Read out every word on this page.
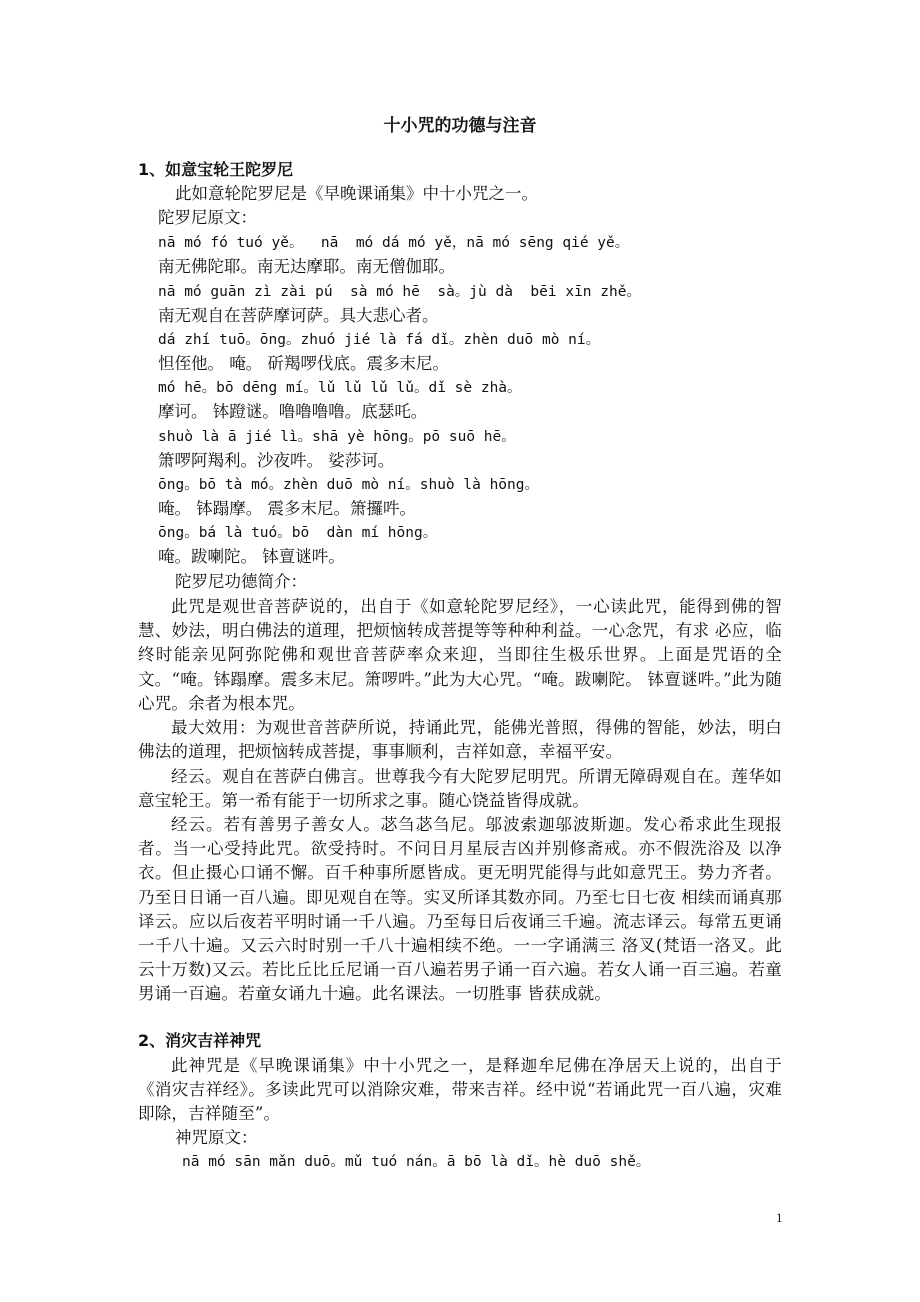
十小咒的功德与注音
1、如意宝轮王陀罗尼
此如意轮陀罗尼是《早晚课诵集》中十小咒之一。
陀罗尼原文：
nā mó fó tuó yě。  nā  mó dá mó yě，nā mó sēng qié yě。
南无佛陀耶。南无达摩耶。南无僧伽耶。
nā mó guān zì zài pú  sà mó hē  sà。jù dà  bēi xīn zhě。
南无观自在菩萨摩诃萨。具大悲心者。
dá zhí tuō。ōng。zhuó jié là fá dǐ。zhèn duō mò ní。
怛侄他。 唵。 斫羯啰伐底。震多末尼。
mó hē。bō dēng mí。lǔ lǔ lǔ lǔ。dǐ sè zhà。
摩诃。 钵蹬谜。噜噜噜噜。底瑟吒。
shuò là ā jié lì。shā yè hōng。pō suō hē。
箫啰阿羯利。沙夜吽。 娑莎诃。
ōng。bō tà mó。zhèn duō mò ní。shuò là hōng。
唵。 钵蹋摩。 震多末尼。箫攞吽。
ōng。bá là tuó。bō  dàn mí hōng。
唵。跋喇陀。 钵亶谜吽。
陀罗尼功德简介：
此咒是观世音菩萨说的，出自于《如意轮陀罗尼经》，一心读此咒，能得到佛的智慧、妙法，明白佛法的道理，把烦恼转成菩提等等种种利益。一心念咒，有求 必应，临终时能亲见阿弥陀佛和观世音菩萨率众来迎，当即往生极乐世界。上面是咒语的全文。“唵。钵蹋摩。震多末尼。箫啰吽。”此为大心咒。“唵。跋喇陀。 钵亶谜吽。”此为随心咒。余者为根本咒。
最大效用：为观世音菩萨所说，持诵此咒，能佛光普照，得佛的智能，妙法，明白佛法的道理，把烦恼转成菩提，事事顺利，吉祥如意，幸福平安。
经云。观自在菩萨白佛言。世尊我今有大陀罗尼明咒。所谓无障碍观自在。莲华如意宝轮王。第一希有能于一切所求之事。随心饶益皆得成就。
经云。若有善男子善女人。苾刍苾刍尼。邬波索迦邬波斯迦。发心希求此生现报者。当一心受持此咒。欲受持时。不问日月星辰吉凶并别修斋戒。亦不假洗浴及 以净衣。但止摄心口诵不懈。百千种事所愿皆成。更无明咒能得与此如意咒王。势力齐者。乃至日日诵一百八遍。即见观自在等。实叉所译其数亦同。乃至七日七夜 相续而诵真那译云。应以后夜若平明时诵一千八遍。乃至每日后夜诵三千遍。流志译云。每常五更诵一千八十遍。又云六时时别一千八十遍相续不绝。一一字诵满三 洛叉(梵语一洛叉。此云十万数)又云。若比丘比丘尼诵一百八遍若男子诵一百六遍。若女人诵一百三遍。若童男诵一百遍。若童女诵九十遍。此名课法。一切胜事 皆获成就。
2、消灾吉祥神咒
此神咒是《早晚课诵集》中十小咒之一，是释迦牟尼佛在净居天上说的，出自于《消灾吉祥经》。多读此咒可以消除灾难，带来吉祥。经中说“若诵此咒一百八遍，灾难即除，吉祥随至”。
神咒原文：
nā mó sān mǎn duō。mǔ tuó nán。ā bō là dǐ。hè duō shě。
1
